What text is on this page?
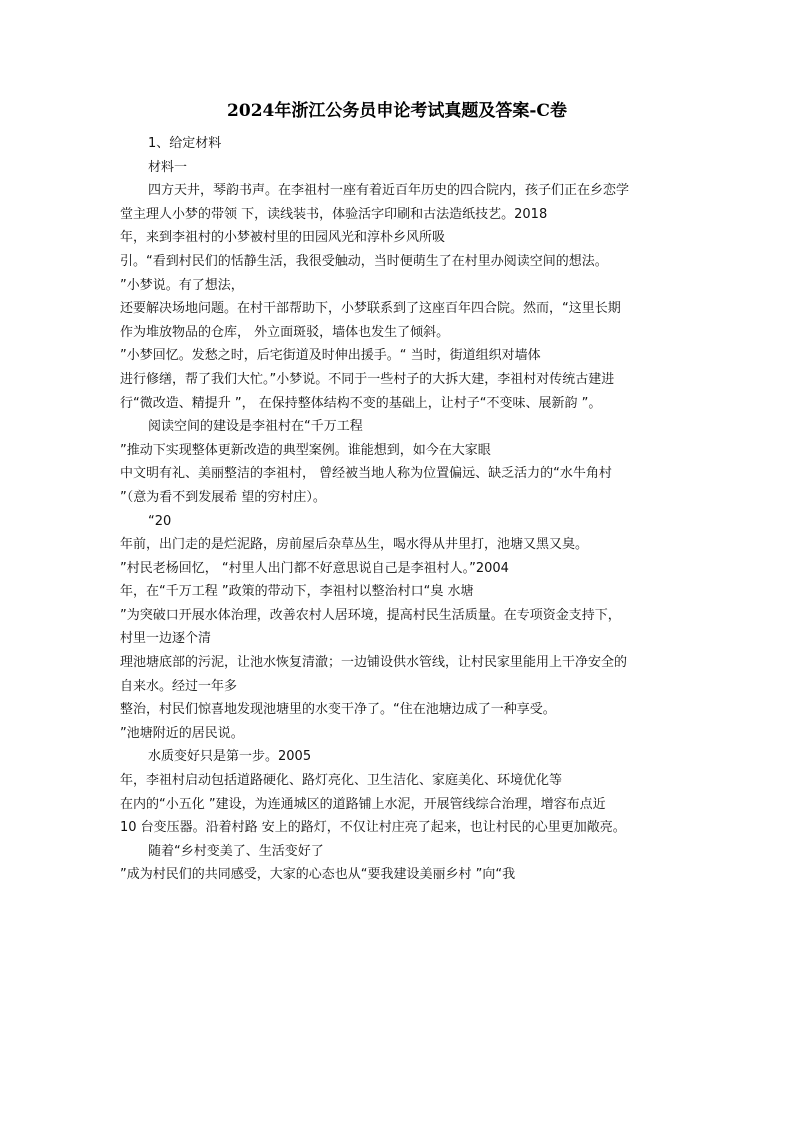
2024年浙江公务员申论考试真题及答案-C卷
1、给定材料
材料一
四方天井，琴韵书声。在李祖村一座有着近百年历史的四合院内，孩子们正在乡恋学
堂主理人小梦的带领 下，读线装书，体验活字印刷和古法造纸技艺。2018
年，来到李祖村的小梦被村里的田园风光和淳朴乡风所吸
引。“看到村民们的恬静生活，我很受触动，当时便萌生了在村里办阅读空间的想法。
”小梦说。有了想法，
还要解决场地问题。在村干部帮助下，小梦联系到了这座百年四合院。然而，“这里长期
作为堆放物品的仓库， 外立面斑驳，墙体也发生了倾斜。
”小梦回忆。发愁之时，后宅街道及时伸出援手。“ 当时，街道组织对墙体
进行修缮，帮了我们大忙。”小梦说。不同于一些村子的大拆大建，李祖村对传统古建进
行“微改造、精提升 ”， 在保持整体结构不变的基础上，让村子“不变味、展新韵 ”。
阅读空间的建设是李祖村在“千万工程
”推动下实现整体更新改造的典型案例。谁能想到，如今在大家眼
中文明有礼、美丽整洁的李祖村， 曾经被当地人称为位置偏远、缺乏活力的“水牛角村
”（意为看不到发展希 望的穷村庄）。
“20
年前，出门走的是烂泥路，房前屋后杂草丛生，喝水得从井里打，池塘又黑又臭。
”村民老杨回忆， “村里人出门都不好意思说自己是李祖村人。”2004
年，在“千万工程 ”政策的带动下，李祖村以整治村口“臭 水塘
”为突破口开展水体治理，改善农村人居环境，提高村民生活质量。在专项资金支持下，
村里一边逐个清
理池塘底部的污泥，让池水恢复清澈；一边铺设供水管线，让村民家里能用上干净安全的
自来水。经过一年多
整治，村民们惊喜地发现池塘里的水变干净了。“住在池塘边成了一种享受。
”池塘附近的居民说。
水质变好只是第一步。2005
年，李祖村启动包括道路硬化、路灯亮化、卫生洁化、家庭美化、环境优化等
在内的“小五化 ”建设，为连通城区的道路铺上水泥，开展管线综合治理，增容布点近
10 台变压器。沿着村路 安上的路灯，不仅让村庄亮了起来，也让村民的心里更加敞亮。
随着“乡村变美了、生活变好了
”成为村民们的共同感受，大家的心态也从“要我建设美丽乡村 ”向“我
